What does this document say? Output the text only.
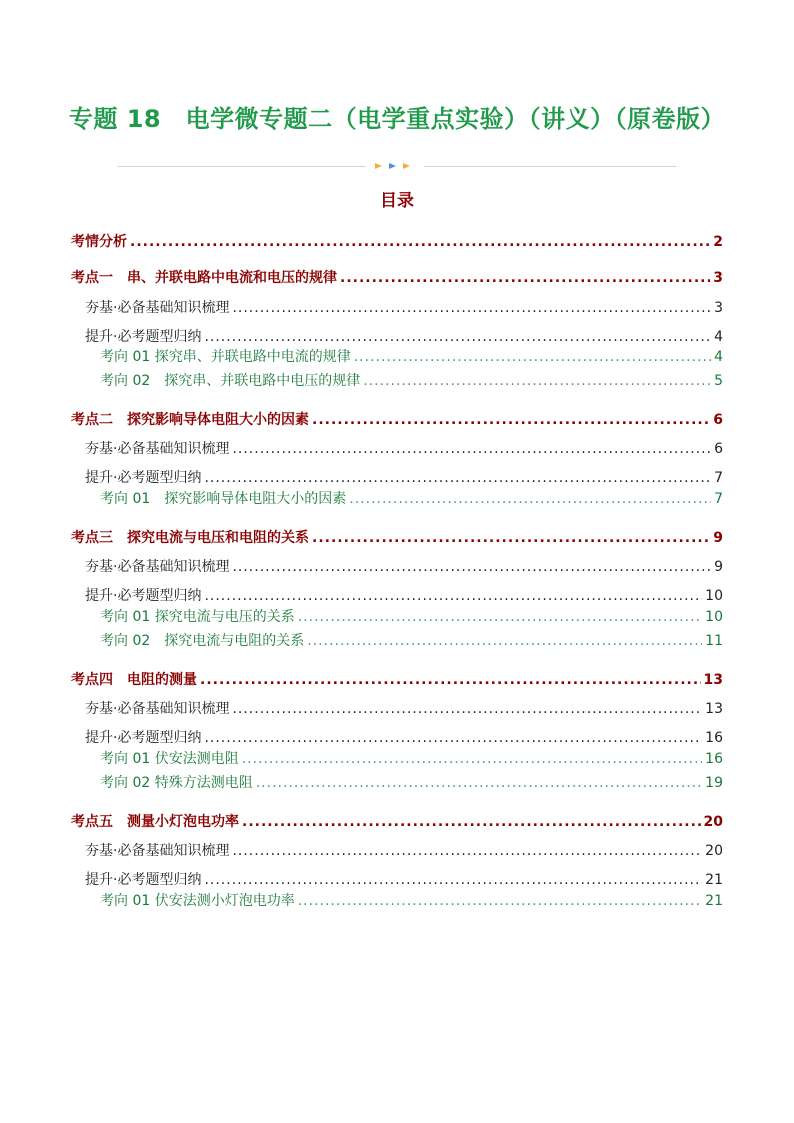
专题 18　电学微专题二（电学重点实验）（讲义）（原卷版）
目录
考情分析 .....	2
考点一　串、并联电路中电流和电压的规律 .....	3
夯基·必备基础知识梳理 .....	3
提升·必考题型归纳 .....	4
考向 01 探究串、并联电路中电流的规律 .....	4
考向 02　探究串、并联电路中电压的规律 .....	5
考点二　探究影响导体电阻大小的因素 .....	6
夯基·必备基础知识梳理 .....	6
提升·必考题型归纳 .....	7
考向 01　探究影响导体电阻大小的因素 .....	7
考点三　探究电流与电压和电阻的关系 .....	9
夯基·必备基础知识梳理 .....	9
提升·必考题型归纳 .....	10
考向 01 探究电流与电压的关系 .....	10
考向 02　探究电流与电阻的关系 .....	11
考点四　电阻的测量 .....	13
夯基·必备基础知识梳理 .....	13
提升·必考题型归纳 .....	16
考向 01 伏安法测电阻 .....	16
考向 02 特殊方法测电阻 .....	19
考点五　测量小灯泡电功率 .....	20
夯基·必备基础知识梳理 .....	20
提升·必考题型归纳 .....	21
考向 01 伏安法测小灯泡电功率 .....	21
